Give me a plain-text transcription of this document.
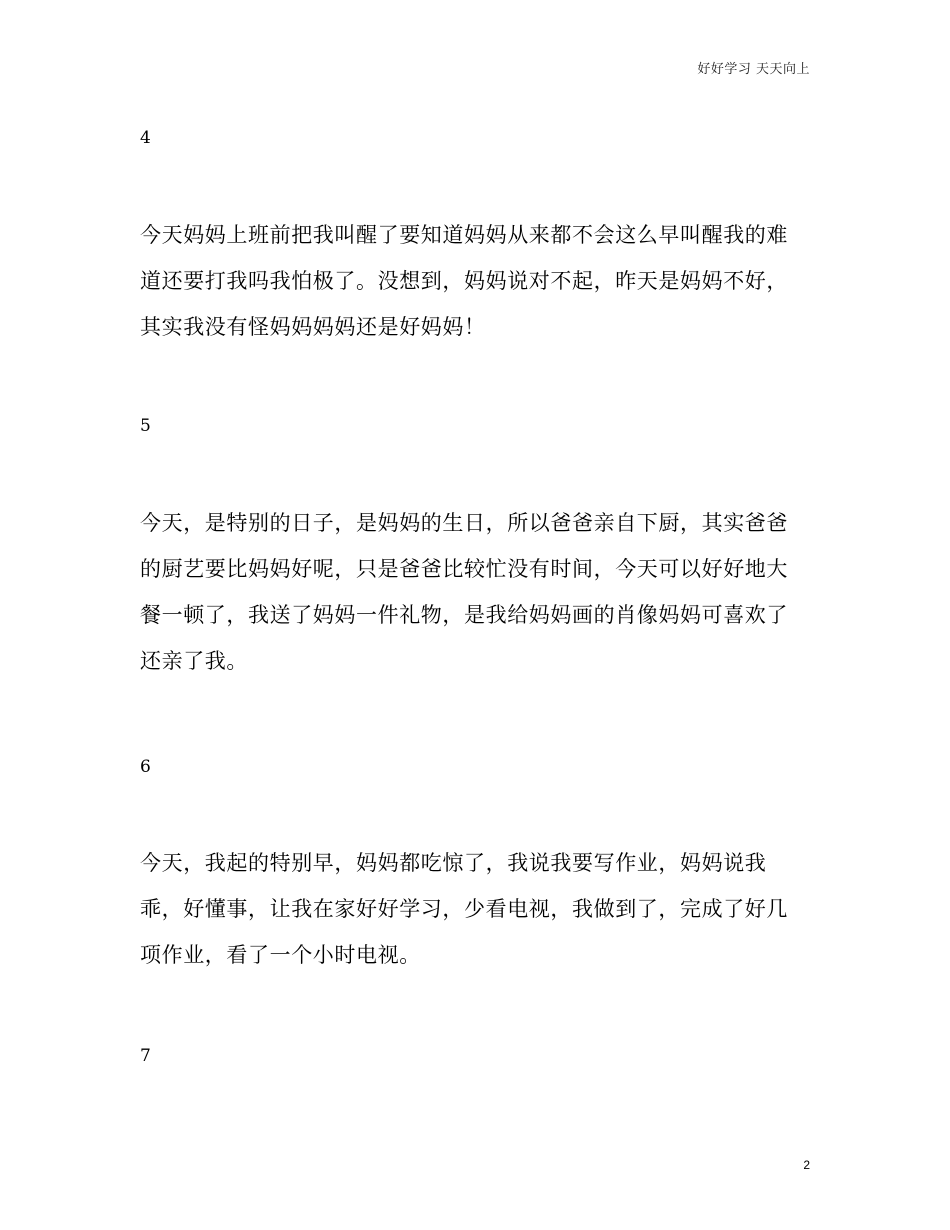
好好学习 天天向上
4
今天妈妈上班前把我叫醒了要知道妈妈从来都不会这么早叫醒我的难
道还要打我吗我怕极了。没想到，妈妈说对不起，昨天是妈妈不好，
其实我没有怪妈妈妈妈还是好妈妈！
5
今天，是特别的日子，是妈妈的生日，所以爸爸亲自下厨，其实爸爸
的厨艺要比妈妈好呢，只是爸爸比较忙没有时间，今天可以好好地大
餐一顿了，我送了妈妈一件礼物，是我给妈妈画的肖像妈妈可喜欢了
还亲了我。
6
今天，我起的特别早，妈妈都吃惊了，我说我要写作业，妈妈说我
乖，好懂事，让我在家好好学习，少看电视，我做到了，完成了好几
项作业，看了一个小时电视。
7
2
